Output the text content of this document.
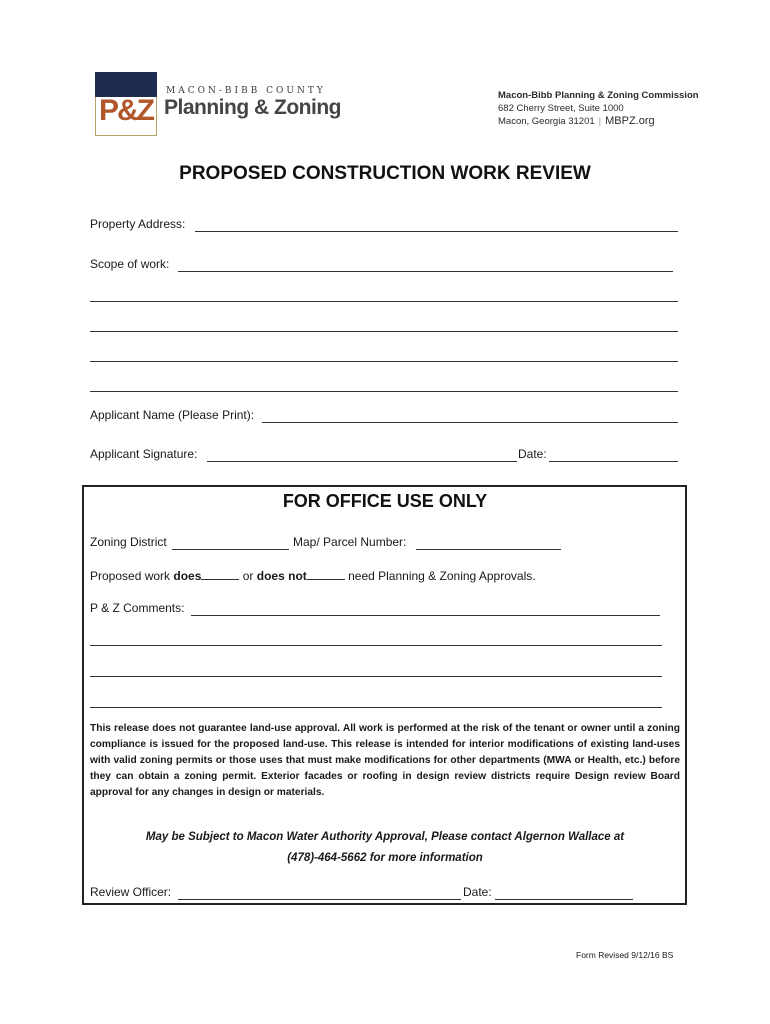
P&Z
MACON-BIBB COUNTY
Planning & Zoning
Macon-Bibb Planning & Zoning Commission
682 Cherry Street, Suite 1000
Macon, Georgia 31201 | MBPZ.org
PROPOSED CONSTRUCTION WORK REVIEW
Property Address:
Scope of work:
Applicant Name (Please Print):
Applicant Signature:	Date:
FOR OFFICE USE ONLY
Zoning District	Map/ Parcel Number:
Proposed work does	or does not	need Planning & Zoning Approvals.
P & Z Comments:
This release does not guarantee land-use approval. All work is performed at the risk of the tenant or owner until a zoning compliance is issued for the proposed land-use. This release is intended for interior modifications of existing land-uses with valid zoning permits or those uses that must make modifications for other departments (MWA or Health, etc.) before they can obtain a zoning permit. Exterior facades or roofing in design review districts require Design review Board approval for any changes in design or materials.
May be Subject to Macon Water Authority Approval, Please contact Algernon Wallace at
(478)-464-5662 for more information
Review Officer:	Date:
Form Revised 9/12/16 BS
